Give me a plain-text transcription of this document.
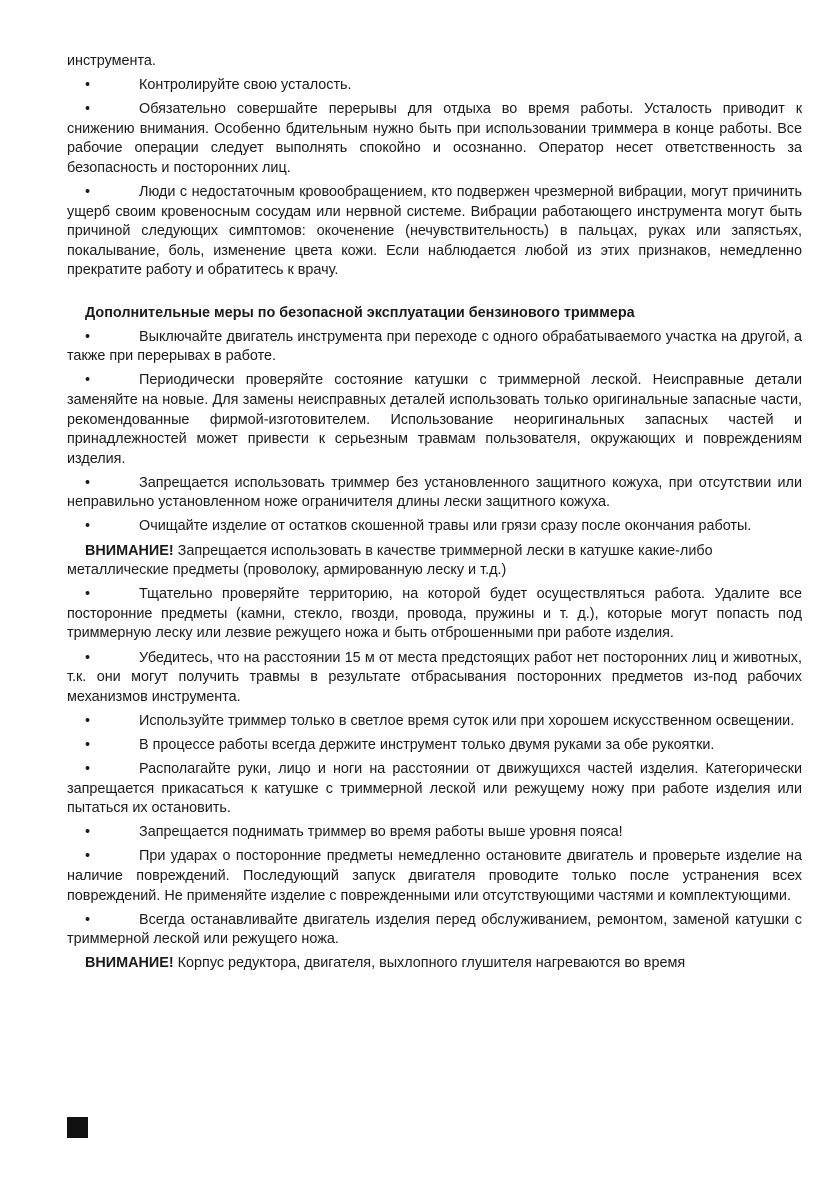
инструмента.

•	Контролируйте свою усталость.

•	Обязательно совершайте перерывы для отдыха во время работы. Усталость приводит к снижению внимания. Особенно бдительным нужно быть при использовании триммера в конце работы. Все рабочие операции следует выполнять спокойно и осознанно. Оператор несет ответственность за безопасность и посторонних лиц.

•	Люди с недостаточным кровообращением, кто подвержен чрезмерной вибрации, могут причинить ущерб своим кровеносным сосудам или нервной системе. Вибрации работающего инструмента могут быть причиной следующих симптомов: окоченение (нечувствительность) в пальцах, руках или запястьях, покалывание, боль, изменение цвета кожи. Если наблюдается любой из этих признаков, немедленно прекратите работу и обратитесь к врачу.

Дополнительные меры по безопасной эксплуатации бензинового триммера

•	Выключайте двигатель инструмента при переходе с одного обрабатываемого участка на другой, а также при перерывах в работе.

•	Периодически проверяйте состояние катушки с триммерной леской. Неисправные детали заменяйте на новые. Для замены неисправных деталей использовать только оригинальные запасные части, рекомендованные фирмой-изготовителем. Использование неоригинальных запасных частей и принадлежностей может привести к серьезным травмам пользователя, окружающих и повреждениям изделия.

•	Запрещается использовать триммер без установленного защитного кожуха, при отсутствии или неправильно установленном ноже ограничителя длины лески защитного кожуха.

•	Очищайте изделие от остатков скошенной травы или грязи сразу после окончания работы.

ВНИМАНИЕ! Запрещается использовать в качестве триммерной лески в катушке какие-либо металлические предметы (проволоку, армированную леску и т.д.)

•	Тщательно проверяйте территорию, на которой будет осуществляться работа. Удалите все посторонние предметы (камни, стекло, гвозди, провода, пружины и т. д.), которые могут попасть под триммерную леску или лезвие режущего ножа и быть отброшенными при работе изделия.

•	Убедитесь, что на расстоянии 15 м от места предстоящих работ нет посторонних лиц и животных, т.к. они могут получить травмы в результате отбрасывания посторонних предметов из-под рабочих механизмов инструмента.

•	Используйте триммер только в светлое время суток или при хорошем искусственном освещении.

•	В процессе работы всегда держите инструмент только двумя руками за обе рукоятки.

•	Располагайте руки, лицо и ноги на расстоянии от движущихся частей изделия. Категорически запрещается прикасаться к катушке с триммерной леской или режущему ножу при работе изделия или пытаться их остановить.

•	Запрещается поднимать триммер во время работы выше уровня пояса!

•	При ударах о посторонние предметы немедленно остановите двигатель и проверьте изделие на наличие повреждений. Последующий запуск двигателя проводите только после устранения всех повреждений. Не применяйте изделие с поврежденными или отсутствующими частями и комплектующими.

•	Всегда останавливайте двигатель изделия перед обслуживанием, ремонтом, заменой катушки с триммерной леской или режущего ножа.

ВНИМАНИЕ! Корпус редуктора, двигателя, выхлопного глушителя нагреваются во время
